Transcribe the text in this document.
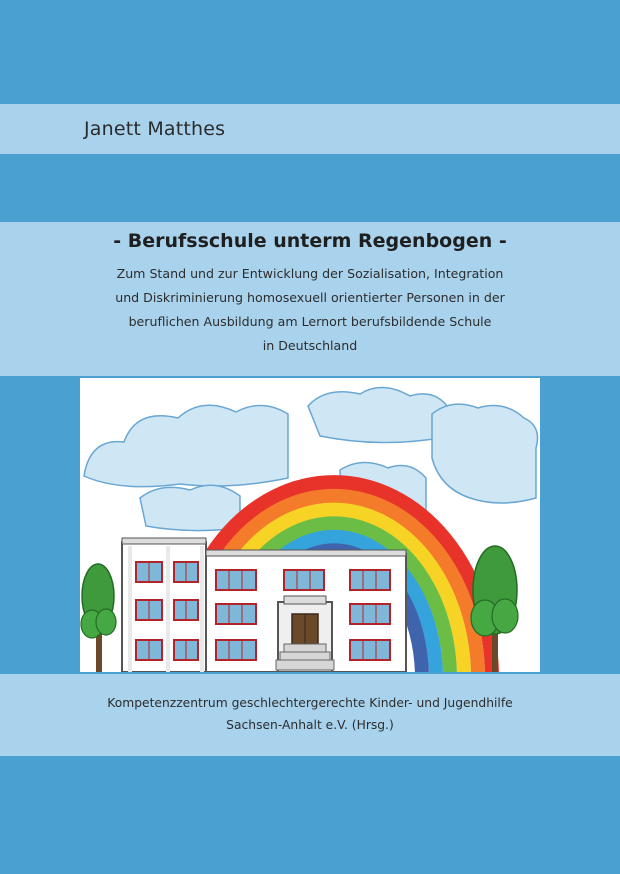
Janett Matthes
- Berufsschule unterm Regenbogen -
Zum Stand und zur Entwicklung der Sozialisation, Integration
und Diskriminierung homosexuell orientierter Personen in der
beruflichen Ausbildung am Lernort berufsbildende Schule
in Deutschland
Kompetenzzentrum geschlechtergerechte Kinder- und Jugendhilfe
Sachsen-Anhalt e.V. (Hrsg.)
